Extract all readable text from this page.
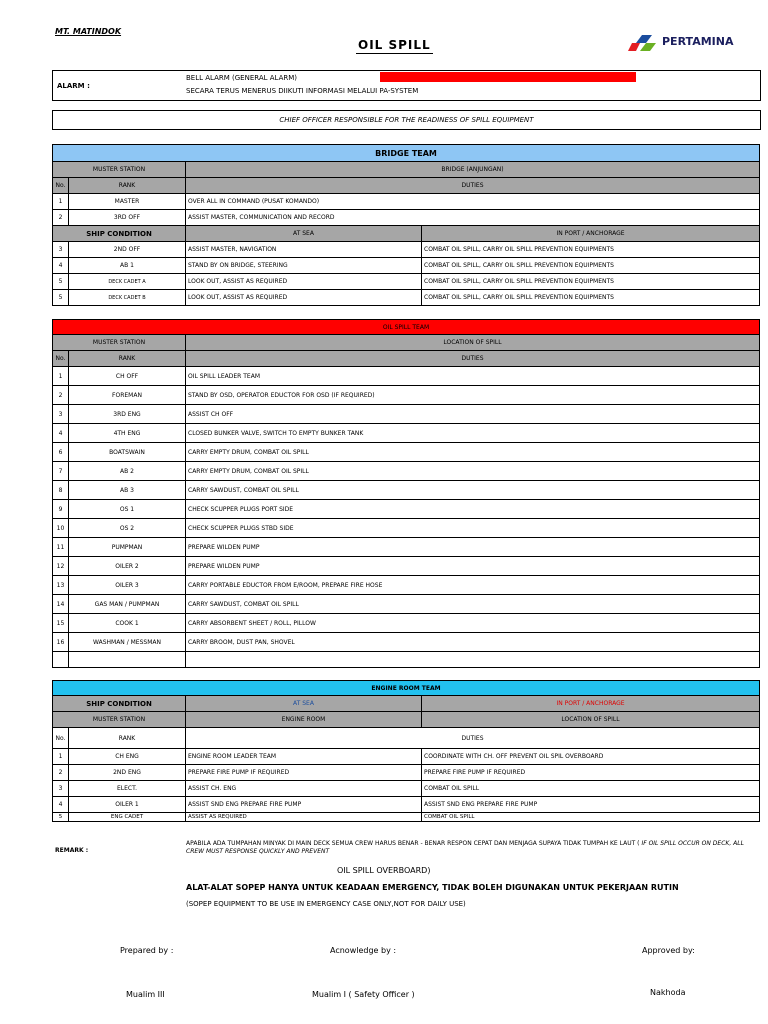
MT. MATINDOK
OIL SPILL	PERTAMINA
ALARM :
BELL ALARM (GENERAL ALARM)
SECARA TERUS MENERUS DIIKUTI INFORMASI MELALUI PA-SYSTEM
CHIEF OFFICER RESPONSIBLE FOR THE READINESS OF SPILL EQUIPMENT
BRIDGE TEAM			
MUSTER STATION		BRIDGE (ANJUNGAN)	
No.	RANK	DUTIES	
1	MASTER	OVER ALL IN COMMAND (PUSAT KOMANDO)	
2	3RD OFF	ASSIST MASTER, COMMUNICATION AND RECORD	
SHIP CONDITION		AT SEA	IN PORT / ANCHORAGE
3	2ND OFF	ASSIST MASTER, NAVIGATION	COMBAT OIL SPILL, CARRY OIL SPILL PREVENTION EQUIPMENTS
4	AB 1	STAND BY ON BRIDGE, STEERING	COMBAT OIL SPILL, CARRY OIL SPILL PREVENTION EQUIPMENTS
5	DECK CADET A	LOOK OUT, ASSIST AS REQUIRED	COMBAT OIL SPILL, CARRY OIL SPILL PREVENTION EQUIPMENTS
5	DECK CADET B	LOOK OUT, ASSIST AS REQUIRED	COMBAT OIL SPILL, CARRY OIL SPILL PREVENTION EQUIPMENTS
OIL SPILL TEAM		
MUSTER STATION		LOCATION OF SPILL
No.	RANK	DUTIES
1	CH OFF	OIL SPILL LEADER TEAM
2	FOREMAN	STAND BY OSD, OPERATOR EDUCTOR FOR OSD (IF REQUIRED)
3	3RD ENG	ASSIST CH OFF
4	4TH ENG	CLOSED BUNKER VALVE, SWITCH TO EMPTY BUNKER TANK
6	BOATSWAIN	CARRY EMPTY DRUM, COMBAT OIL SPILL
7	AB 2	CARRY EMPTY DRUM, COMBAT OIL SPILL
8	AB 3	CARRY SAWDUST, COMBAT OIL SPILL
9	OS 1	CHECK SCUPPER PLUGS PORT SIDE
10	OS 2	CHECK SCUPPER PLUGS STBD SIDE
11	PUMPMAN	PREPARE WILDEN PUMP
12	OILER 2	PREPARE WILDEN PUMP
13	OILER 3	CARRY PORTABLE EDUCTOR FROM E/ROOM, PREPARE FIRE HOSE
14	GAS MAN / PUMPMAN	CARRY SAWDUST, COMBAT OIL SPILL
15	COOK 1	CARRY ABSORBENT SHEET / ROLL, PILLOW
16	WASHMAN / MESSMAN	CARRY BROOM, DUST PAN, SHOVEL

ENGINE ROOM TEAM			
SHIP CONDITION		AT SEA	IN PORT / ANCHORAGE
MUSTER STATION		ENGINE ROOM	LOCATION OF SPILL
No.	RANK	DUTIES	
1	CH ENG	ENGINE ROOM LEADER TEAM	COORDINATE WITH CH. OFF PREVENT OIL SPIL OVERBOARD
2	2ND ENG	PREPARE FIRE PUMP IF REQUIRED	PREPARE FIRE PUMP IF REQUIRED
3	ELECT.	ASSIST CH. ENG	COMBAT OIL SPILL
4	OILER 1	ASSIST SND ENG PREPARE FIRE PUMP	ASSIST SND ENG PREPARE FIRE PUMP
5	ENG CADET	ASSIST AS REQUIRED	COMBAT OIL SPILL
REMARK :
APABILA ADA TUMPAHAN MINYAK DI MAIN DECK SEMUA CREW HARUS BENAR - BENAR RESPON CEPAT DAN MENJAGA SUPAYA TIDAK TUMPAH KE LAUT ( IF OIL SPILL OCCUR ON DECK, ALL CREW MUST RESPONSE QUICKLY AND PREVENT
OIL SPILL OVERBOARD)
ALAT-ALAT SOPEP HANYA UNTUK KEADAAN EMERGENCY, TIDAK BOLEH DIGUNAKAN UNTUK PEKERJAAN RUTIN
(SOPEP EQUIPMENT TO BE USE IN EMERGENCY CASE ONLY,NOT FOR DAILY USE)
Prepared by :	Acnowledge by :	Approved by:
Mualim III	Mualim I ( Safety Officer )	Nakhoda
